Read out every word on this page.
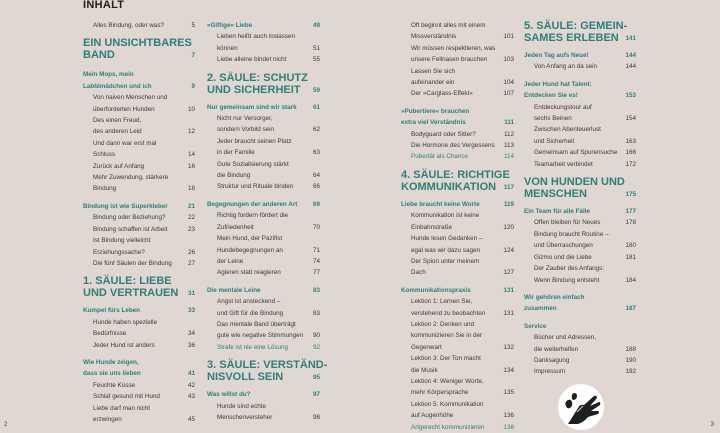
INHALT
Alles Bindung, oder was?	5
EIN UNSICHTBARES
BAND	7
Mein Mops, mein
Labbimädchen und ich	9
Von naiven Menschen und
überforderten Hunden	10
Des einen Freud,
des anderen Leid	12
Und dann war erst mal
Schluss	14
Zurück auf Anfang	16
Mehr Zuwendung, stärkere
Bindung	18
Bindung ist wie Superkleber	21
Bindung oder Beziehung?	22
Bindung schaffen ist Arbeit	23
Ist Bindung vielleicht
Erziehungssache?	26
Die fünf Säulen der Bindung	27
1. SÄULE: LIEBE
UND VERTRAUEN 31
Kumpel fürs Leben	33
Hunde haben spezielle
Bedürfnisse	34
Jeder Hund ist anders	36
Wie Hunde zeigen,
dass sie uns lieben	41
Feuchte Küsse	42
Schlaf gesund mit Hund	43
Liebe darf man nicht
erzwingen	45
»Giftige« Liebe	49
Lieben heißt auch loslassen
können	51
Liebe alleine bindet nicht	55
2. SÄULE: SCHUTZ
UND SICHERHEIT 59
Nur gemeinsam sind wir stark	61
Nicht nur Versorger,
sondern Vorbild sein	62
Jeder braucht seinen Platz
in der Familie	63
Gute Sozialisierung stärkt
die Bindung	64
Struktur und Rituale binden	66
Begegnungen der anderen Art	69
Richtig fordern fördert die
Zufriedenheit	70
Mein Hund, der Pazifist
Hundebegegnungen an	71
der Leine	74
Agieren statt reagieren	77
Die mentale Leine	83
Angst ist ansteckend –
und Gift für die Bindung	83
Das mentale Band überträgt
gute wie negative Stimmungen 90
Strafe ist nie eine Lösung	92
3. SÄULE: VERSTÄND-
NISVOLL SEIN	95
Was willst du?	97
Hunde sind echte
Menschenversteher	98
Oft beginnt alles mit einem
Missverständnis	101
Wir müssen respektieren, was
unsere Fellnasen brauchen	103
Lassen Sie sich
aufeinander ein	104
Der »Carglass-Effekt«	107
»Pubertiere« brauchen
extra viel Verständnis	111
Bodyguard oder Sitter?	112
Die Hormone des Vergessens 113
Pubertät als Chance	114
4. SÄULE: RICHTIGE
KOMMUNIKATION 117
Liebe braucht keine Worte	119
Kommunikation ist keine
Einbahnstraße	120
Hunde lesen Gedanken –
egal was wir dazu sagen	124
Der Spion unter meinem
Dach	127
Kommunikationspraxis	131
Lektion 1: Lernen Sie,
verstehend zu beobachten	131
Lektion 2: Denken und
kommunizieren Sie in der
Gegenwart	132
Lektion 3: Der Ton macht
die Musik	134
Lektion 4: Weniger Worte,
mehr Körpersprache	135
Lektion 5: Kommunikation
auf Augenhöhe	136
Artgerecht kommunizieren	138
5. SÄULE: GEMEIN-
SAMES ERLEBEN 141
Jeden Tag aufs Neue!	144
Von Anfang an da sein	144
Jeder Hund hat Talent:
Entdecken Sie es!	153
Entdeckungstour auf
sechs Beinen	154
Zwischen Abenteuerlust
und Sicherheit	163
Gemeinsam auf Spurensuche 166
Teamarbeit verbindet	172
VON HUNDEN UND
MENSCHEN	175
Ein Team für alle Fälle	177
Offen bleiben für Neues	178
Bindung braucht Routine –
und Überraschungen	180
Gizmo und die Liebe	181
Der Zauber des Anfangs:
Wenn Bindung entsteht	184
Wir gehören einfach
zusammen	187
Service
Bücher und Adressen,
die weiterhelfen	188
Danksagung	190
Impressum	192
2	3
